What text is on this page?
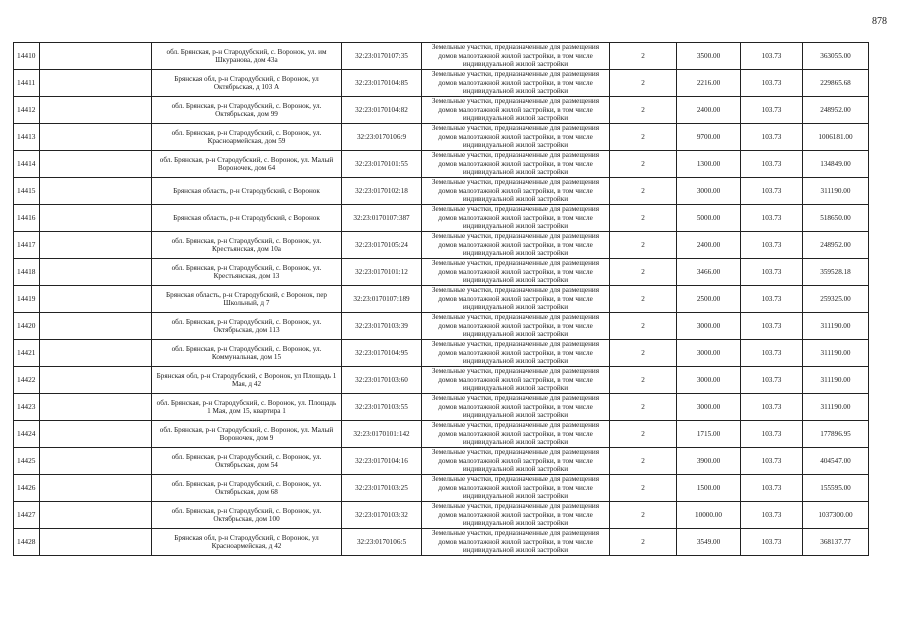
878
14410		обл. Брянская, р-н Стародубский, с. Воронок, ул. им Шкуранова, дом 43а	32:23:0170107:35	Земельные участки, предназначенные для размещения домов малоэтажной жилой застройки, в том числе индивидуальной жилой застройки	2	3500.00	103.73	363055.00
14411		Брянская обл, р-н Стародубский, с Воронок, ул Октябрьская, д 103 А	32:23:0170104:85	Земельные участки, предназначенные для размещения домов малоэтажной жилой застройки, в том числе индивидуальной жилой застройки	2	2216.00	103.73	229865.68
14412		обл. Брянская, р-н Стародубский, с. Воронок, ул. Октябрьская, дом 99	32:23:0170104:82	Земельные участки, предназначенные для размещения домов малоэтажной жилой застройки, в том числе индивидуальной жилой застройки	2	2400.00	103.73	248952.00
14413		обл. Брянская, р-н Стародубский, с. Воронок, ул. Красноармейская, дом 59	32:23:0170106:9	Земельные участки, предназначенные для размещения домов малоэтажной жилой застройки, в том числе индивидуальной жилой застройки	2	9700.00	103.73	1006181.00
14414		обл. Брянская, р-н Стародубский, с. Воронок, ул. Малый Вороночек, дом 64	32:23:0170101:55	Земельные участки, предназначенные для размещения домов малоэтажной жилой застройки, в том числе индивидуальной жилой застройки	2	1300.00	103.73	134849.00
14415		Брянская область, р-н Стародубский, с Воронок	32:23:0170102:18	Земельные участки, предназначенные для размещения домов малоэтажной жилой застройки, в том числе индивидуальной жилой застройки	2	3000.00	103.73	311190.00
14416		Брянская область, р-н Стародубский, с Воронок	32:23:0170107:387	Земельные участки, предназначенные для размещения домов малоэтажной жилой застройки, в том числе индивидуальной жилой застройки	2	5000.00	103.73	518650.00
14417		обл. Брянская, р-н Стародубский, с. Воронок, ул. Крестьянская, дом 10а	32:23:0170105:24	Земельные участки, предназначенные для размещения домов малоэтажной жилой застройки, в том числе индивидуальной жилой застройки	2	2400.00	103.73	248952.00
14418		обл. Брянская, р-н Стародубский, с. Воронок, ул. Крестьянская, дом 13	32:23:0170101:12	Земельные участки, предназначенные для размещения домов малоэтажной жилой застройки, в том числе индивидуальной жилой застройки	2	3466.00	103.73	359528.18
14419		Брянская область, р-н Стародубский, с Воронок, пер Школьный, д 7	32:23:0170107:189	Земельные участки, предназначенные для размещения домов малоэтажной жилой застройки, в том числе индивидуальной жилой застройки	2	2500.00	103.73	259325.00
14420		обл. Брянская, р-н Стародубский, с. Воронок, ул. Октябрьская, дом 113	32:23:0170103:39	Земельные участки, предназначенные для размещения домов малоэтажной жилой застройки, в том числе индивидуальной жилой застройки	2	3000.00	103.73	311190.00
14421		обл. Брянская, р-н Стародубский, с. Воронок, ул. Коммунальная, дом 15	32:23:0170104:95	Земельные участки, предназначенные для размещения домов малоэтажной жилой застройки, в том числе индивидуальной жилой застройки	2	3000.00	103.73	311190.00
14422		Брянская обл, р-н Стародубский, с Воронок, ул Площадь 1 Мая, д 42	32:23:0170103:60	Земельные участки, предназначенные для размещения домов малоэтажной жилой застройки, в том числе индивидуальной жилой застройки	2	3000.00	103.73	311190.00
14423		обл. Брянская, р-н Стародубский, с. Воронок, ул. Площадь 1 Мая, дом 15, квартира 1	32:23:0170103:55	Земельные участки, предназначенные для размещения домов малоэтажной жилой застройки, в том числе индивидуальной жилой застройки	2	3000.00	103.73	311190.00
14424		обл. Брянская, р-н Стародубский, с. Воронок, ул. Малый Вороночек, дом 9	32:23:0170101:142	Земельные участки, предназначенные для размещения домов малоэтажной жилой застройки, в том числе индивидуальной жилой застройки	2	1715.00	103.73	177896.95
14425		обл. Брянская, р-н Стародубский, с. Воронок, ул. Октябрьская, дом 54	32:23:0170104:16	Земельные участки, предназначенные для размещения домов малоэтажной жилой застройки, в том числе индивидуальной жилой застройки	2	3900.00	103.73	404547.00
14426		обл. Брянская, р-н Стародубский, с. Воронок, ул. Октябрьская, дом 68	32:23:0170103:25	Земельные участки, предназначенные для размещения домов малоэтажной жилой застройки, в том числе индивидуальной жилой застройки	2	1500.00	103.73	155595.00
14427		обл. Брянская, р-н Стародубский, с. Воронок, ул. Октябрьская, дом 100	32:23:0170103:32	Земельные участки, предназначенные для размещения домов малоэтажной жилой застройки, в том числе индивидуальной жилой застройки	2	10000.00	103.73	1037300.00
14428		Брянская обл, р-н Стародубский, с Воронок, ул Красноармейская, д 42	32:23:0170106:5	Земельные участки, предназначенные для размещения домов малоэтажной жилой застройки, в том числе индивидуальной жилой застройки	2	3549.00	103.73	368137.77
